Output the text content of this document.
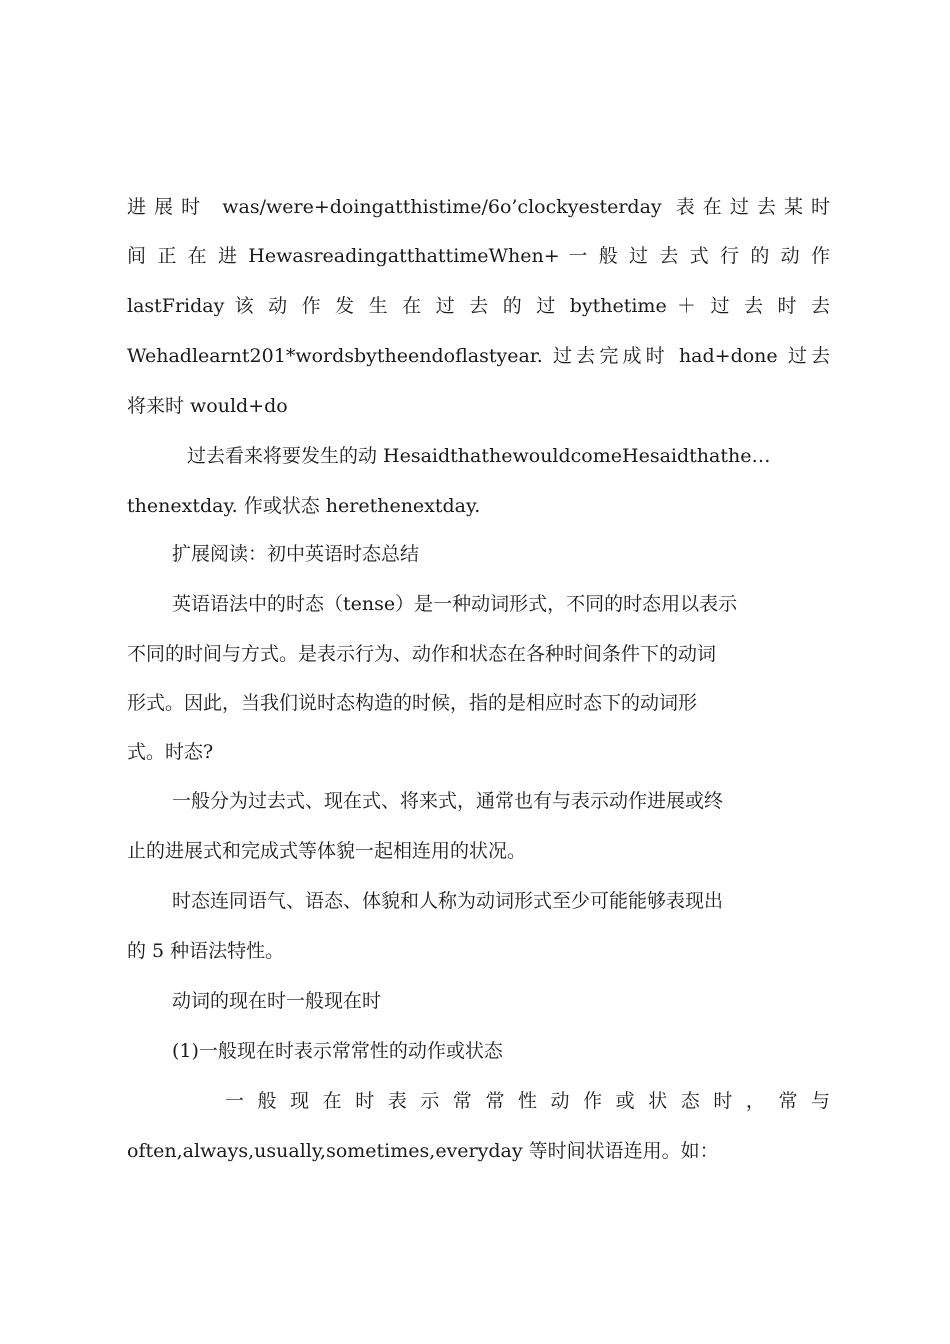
进展时 was/were+doingatthistime/6o’clockyesterday 表在过去某时
间 正 在 进 HewasreadingatthattimeWhen+ 一 般 过 去 式 行 的 动 作
lastFriday 该 动 作 发 生 在 过 去 的 过 bythetime ＋ 过 去 时 去
Wehadlearnt201*wordsbytheendoflastyear. 过去完成时 had+done 过去
将来时 would+do
过去看来将要发生的动 HesaidthathewouldcomeHesaidthathe…
thenextday. 作或状态 herethenextday.
扩展阅读：初中英语时态总结
英语语法中的时态（tense）是一种动词形式，不同的时态用以表示
不同的时间与方式。是表示行为、动作和状态在各种时间条件下的动词
形式。因此，当我们说时态构造的时候，指的是相应时态下的动词形
式。时态?
一般分为过去式、现在式、将来式，通常也有与表示动作进展或终
止的进展式和完成式等体貌一起相连用的状况。
时态连同语气、语态、体貌和人称为动词形式至少可能能够表现出
的 5 种语法特性。
动词的现在时一般现在时
(1)一般现在时表示常常性的动作或状态
一 般 现 在 时 表 示 常 常 性 动 作 或 状 态 时 ， 常 与
often,always,usually,sometimes,everyday 等时间状语连用。如：
